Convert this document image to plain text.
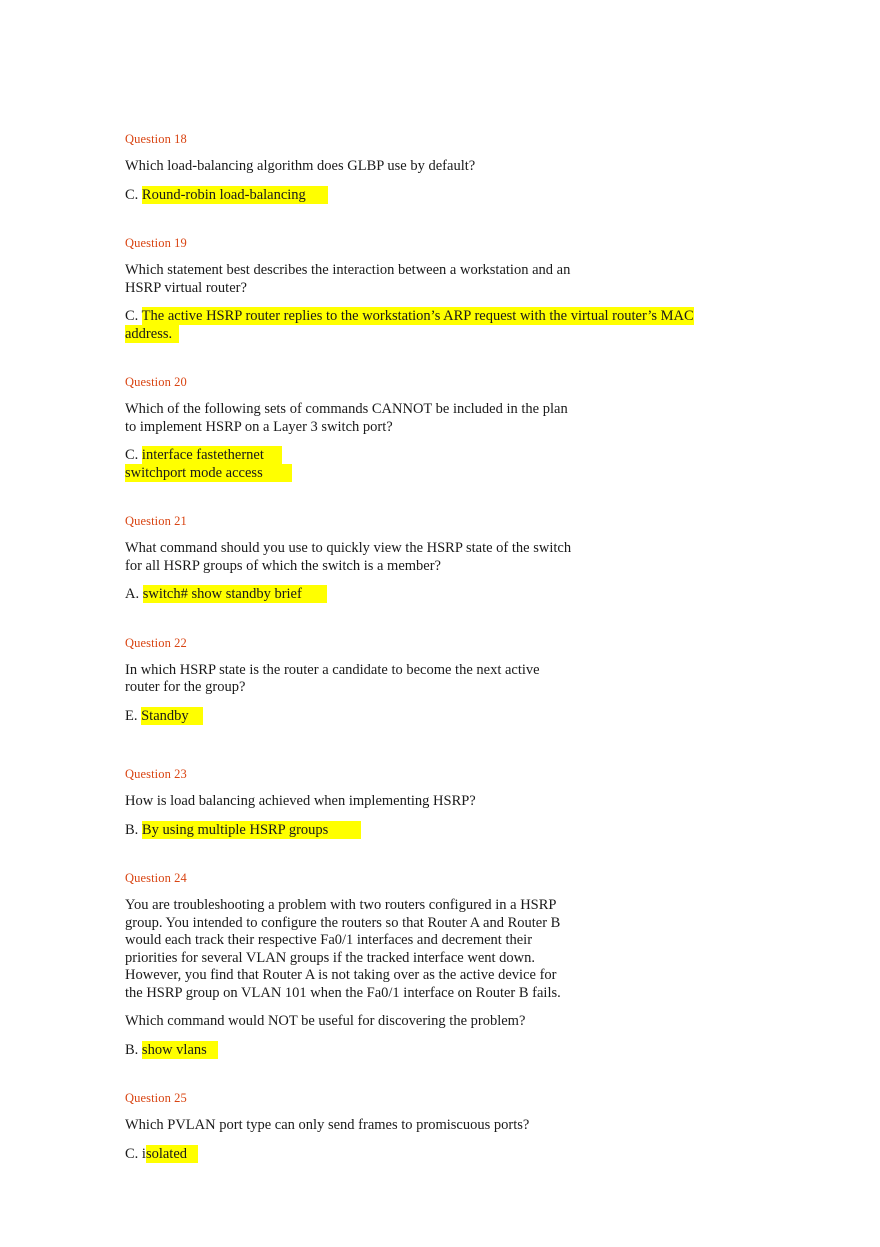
Question 18

Which load-balancing algorithm does GLBP use by default?

C. Round-robin load-balancing

Question 19

Which statement best describes the interaction between a workstation and an HSRP virtual router?

C. The active HSRP router replies to the workstation’s ARP request with the virtual router’s MAC address.

Question 20

Which of the following sets of commands CANNOT be included in the plan to implement HSRP on a Layer 3 switch port?

C. interface fastethernet
switchport mode access

Question 21

What command should you use to quickly view the HSRP state of the switch for all HSRP groups of which the switch is a member?

A. switch# show standby brief

Question 22

In which HSRP state is the router a candidate to become the next active router for the group?

E. Standby

Question 23

How is load balancing achieved when implementing HSRP?

B. By using multiple HSRP groups

Question 24

You are troubleshooting a problem with two routers configured in a HSRP group. You intended to configure the routers so that Router A and Router B would each track their respective Fa0/1 interfaces and decrement their priorities for several VLAN groups if the tracked interface went down. However, you find that Router A is not taking over as the active device for the HSRP group on VLAN 101 when the Fa0/1 interface on Router B fails.

Which command would NOT be useful for discovering the problem?

B. show vlans

Question 25

Which PVLAN port type can only send frames to promiscuous ports?

C. isolated
